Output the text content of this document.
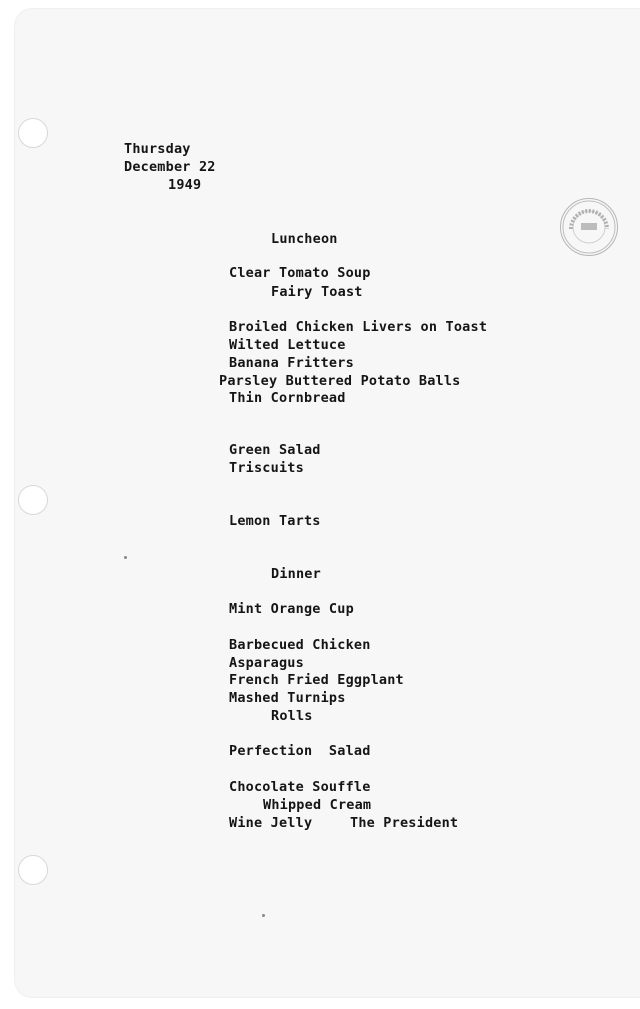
Thursday
December 22
1949
Luncheon
Clear Tomato Soup
Fairy Toast
Broiled Chicken Livers on Toast
Wilted Lettuce
Banana Fritters
Parsley Buttered Potato Balls
Thin Cornbread
Green Salad
Triscuits
Lemon Tarts
Dinner
Mint Orange Cup
Barbecued Chicken
Asparagus
French Fried Eggplant
Mashed Turnips
Rolls
Perfection  Salad
Chocolate Souffle
Whipped Cream
Wine Jelly	The President
